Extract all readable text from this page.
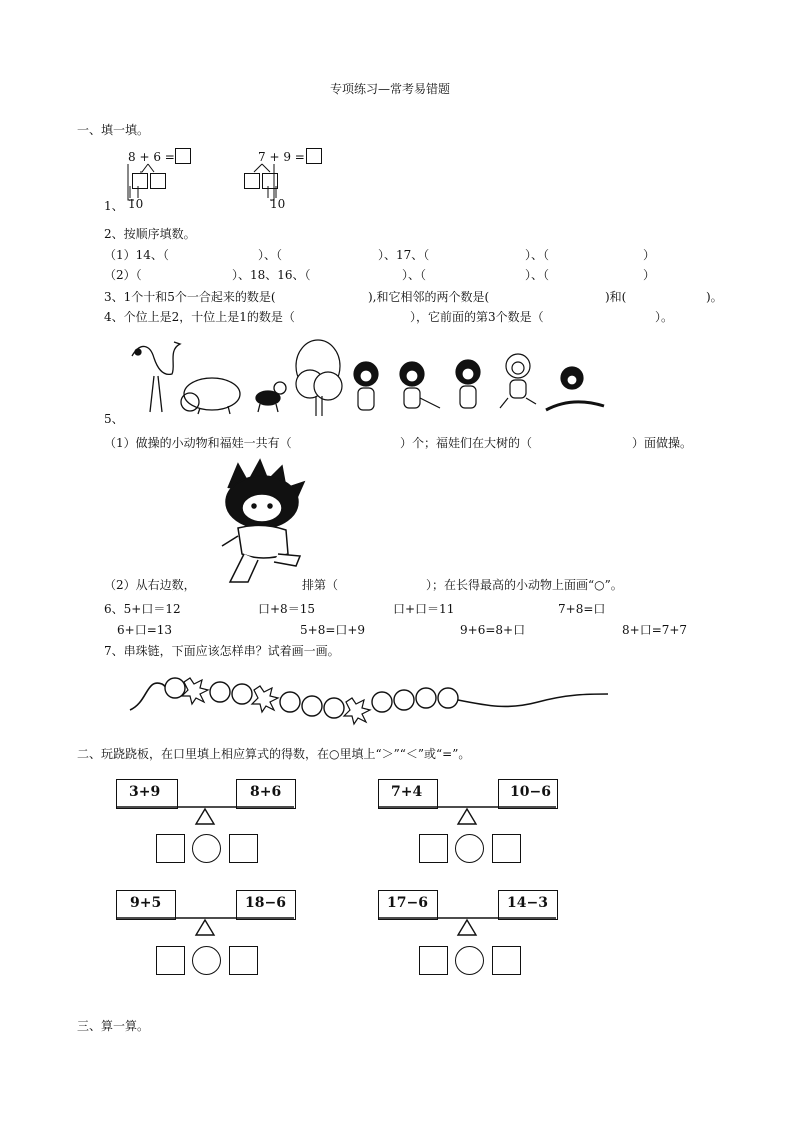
专项练习—常考易错题
一、填一填。
8 + 6 =	7 + 9 =
1、 10	10
2、按顺序填数。
（1）14、（	）、（	）、17、（	）、（	）
（2）（	）、18、16、（	）、（	）、（	）
3、1个十和5个一合起来的数是(	),和它相邻的两个数是(	)和(	)。
4、个位上是2，十位上是1的数是（	），它前面的第3个数是（	）。
5、
（1）做操的小动物和福娃一共有（	）个；福娃们在大树的（	）面做操。
（2）从右边数，	排第（	）；在长得最高的小动物上面画“○”。
6、5+口＝12	口+8＝15	口+口＝11	7+8=口
6+口=13	5+8=口+9	9+6=8+口	8+口=7+7
7、串珠链，下面应该怎样串？试着画一画。
二、玩跷跷板，在口里填上相应算式的得数，在○里填上“＞”“＜”或“=”。
3+9	8+6	7+4	10−6
9+5	18−6	17−6	14−3
三、算一算。
